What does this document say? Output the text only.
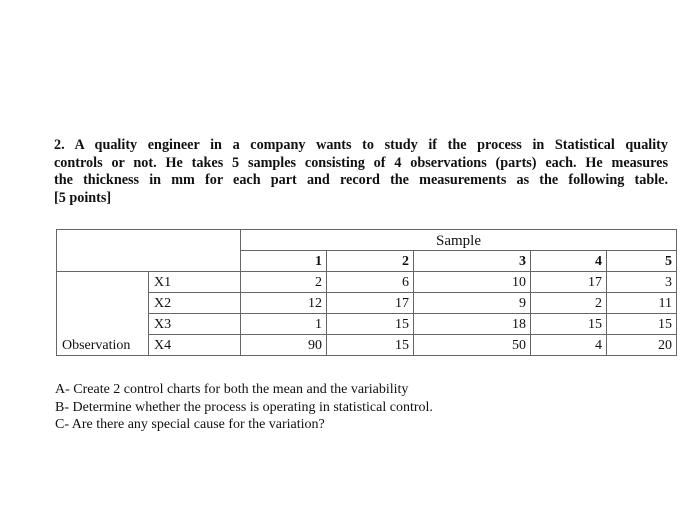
2. A quality engineer in a company wants to study if the process in Statistical quality
controls or not. He takes 5 samples consisting of 4 observations (parts) each. He measures
the thickness in mm for each part and record the measurements as the following table.
[5 points]
		Sample				
		1	2	3	4	5
Observation	X1	2	6	10	17	3
	X2	12	17	9	2	11
	X3	1	15	18	15	15
	X4	90	15	50	4	20
A- Create 2 control charts for both the mean and the variability
B- Determine whether the process is operating in statistical control.
C- Are there any special cause for the variation?
